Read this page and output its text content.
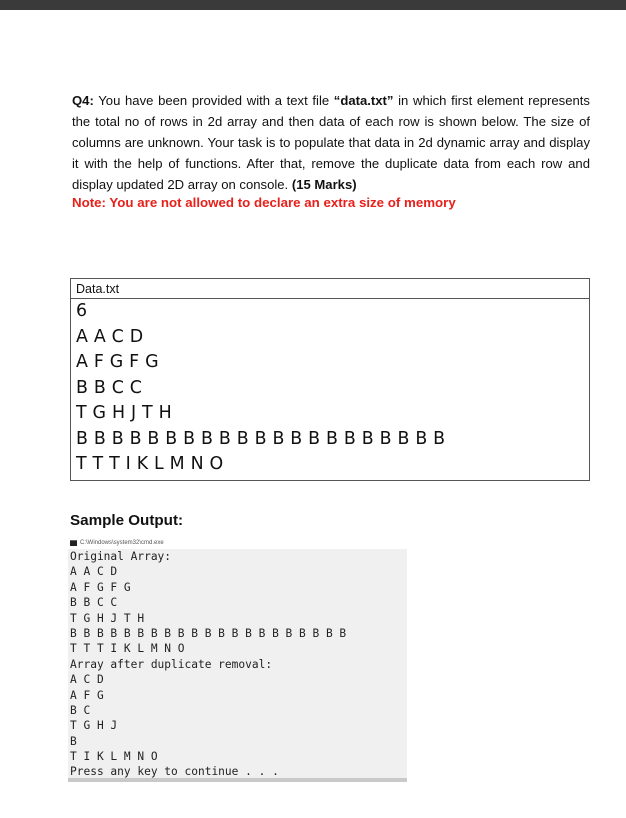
Q4: You have been provided with a text file “data.txt” in which first element represents the total no of rows in 2d array and then data of each row is shown below. The size of columns are unknown. Your task is to populate that data in 2d dynamic array and display it with the help of functions. After that, remove the duplicate data from each row and display updated 2D array on console. (15 Marks)
Note: You are not allowed to declare an extra size of memory
Data.txt
6
A A C D
A F G F G
B B C C
T G H J T H
B B B B B B B B B B B B B B B B B B B B B
T T T I K L M N O
Sample Output:
C:\Windows\system32\cmd.exe
Original Array:
A A C D
A F G F G
B B C C
T G H J T H
B B B B B B B B B B B B B B B B B B B B B
T T T I K L M N O
Array after duplicate removal:
A C D
A F G
B C
T G H J
B
T I K L M N O
Press any key to continue . . .
